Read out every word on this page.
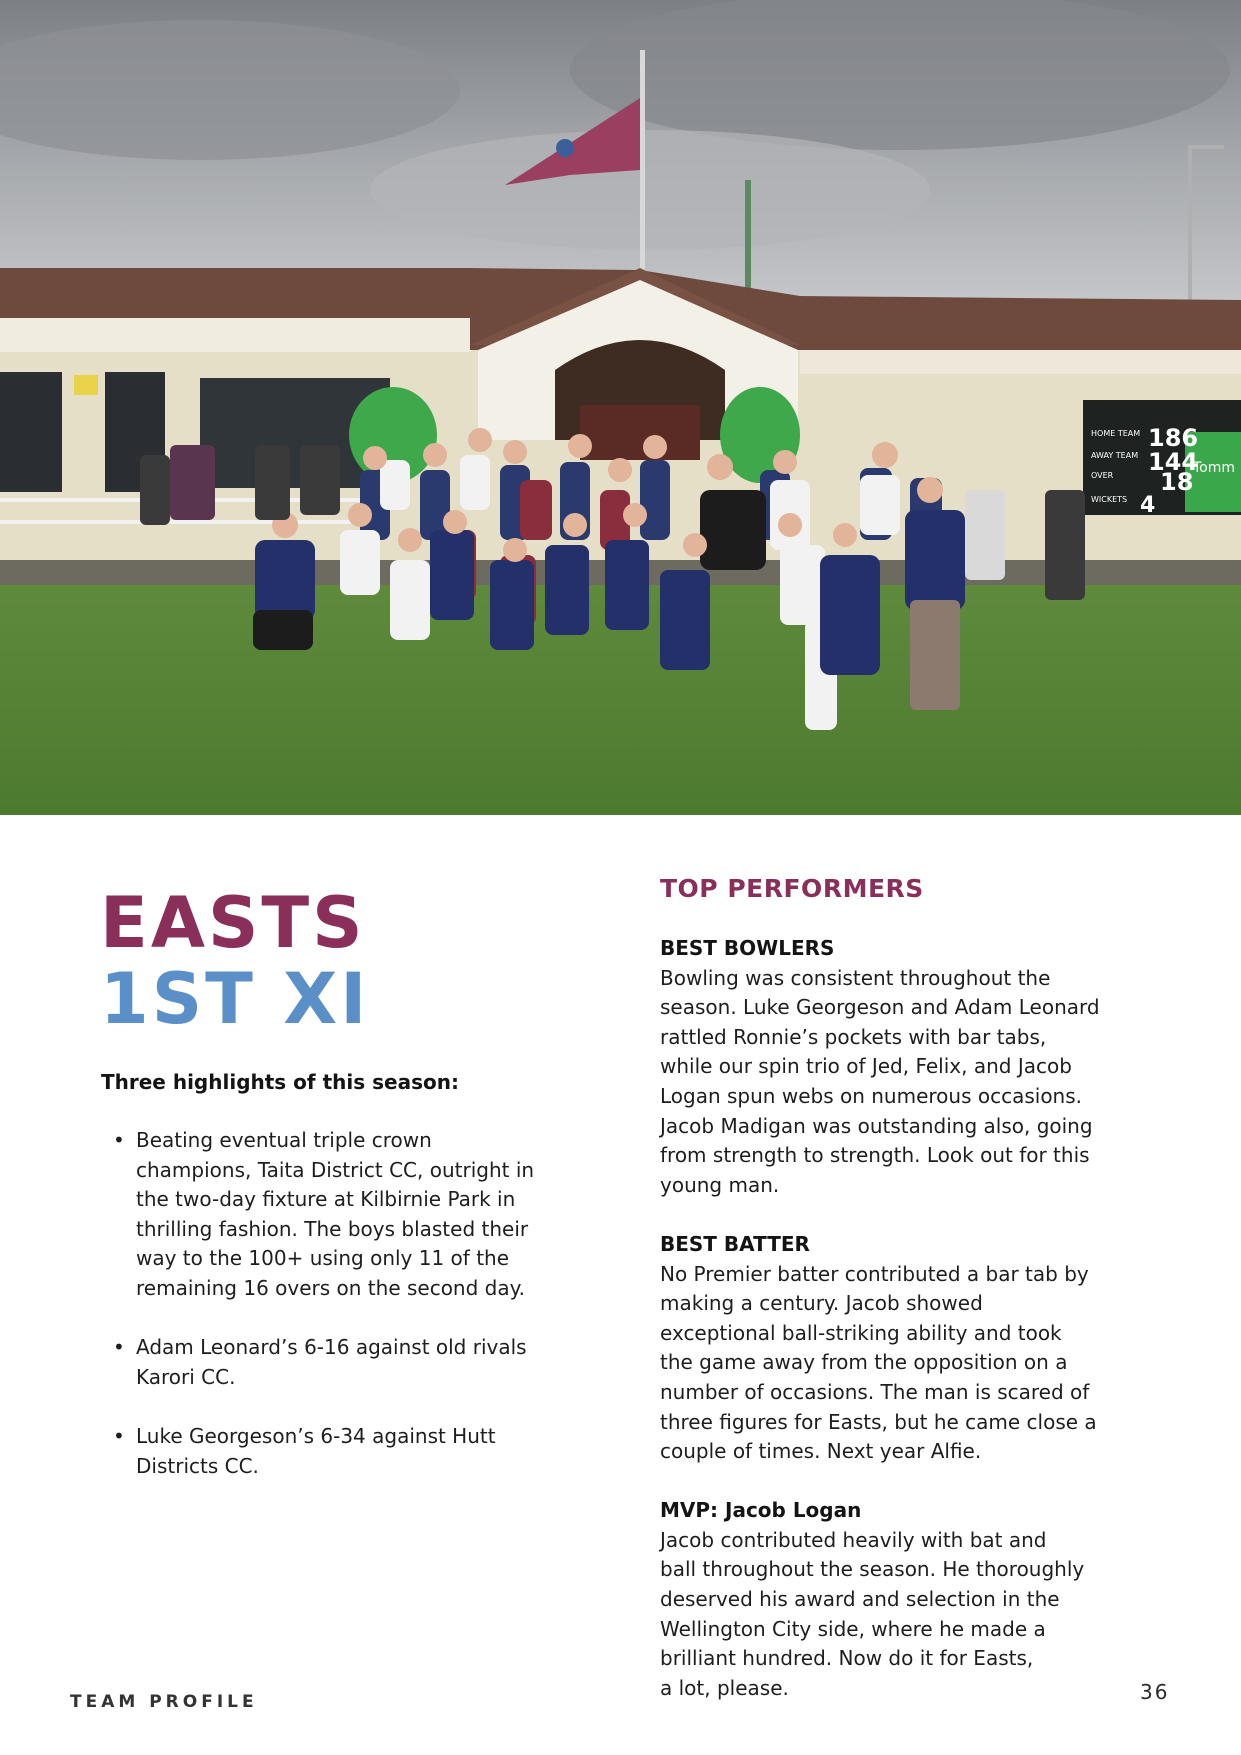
HOME TEAM 186
AWAY TEAM 144
OVER 18
WICKETS 4
Tomm
EASTS
1ST XI
Three highlights of this season:
• Beating eventual triple crown
champions, Taita District CC, outright in
the two-day fixture at Kilbirnie Park in
thrilling fashion. The boys blasted their
way to the 100+ using only 11 of the
remaining 16 overs on the second day.
• Adam Leonard’s 6-16 against old rivals
Karori CC.
• Luke Georgeson’s 6-34 against Hutt
Districts CC.
TOP PERFORMERS
BEST BOWLERS
Bowling was consistent throughout the
season. Luke Georgeson and Adam Leonard
rattled Ronnie’s pockets with bar tabs,
while our spin trio of Jed, Felix, and Jacob
Logan spun webs on numerous occasions.
Jacob Madigan was outstanding also, going
from strength to strength. Look out for this
young man.
BEST BATTER
No Premier batter contributed a bar tab by
making a century. Jacob showed
exceptional ball-striking ability and took
the game away from the opposition on a
number of occasions. The man is scared of
three figures for Easts, but he came close a
couple of times. Next year Alfie.
MVP: Jacob Logan
Jacob contributed heavily with bat and
ball throughout the season. He thoroughly
deserved his award and selection in the
Wellington City side, where he made a
brilliant hundred. Now do it for Easts,
a lot, please.
TEAM PROFILE	36
